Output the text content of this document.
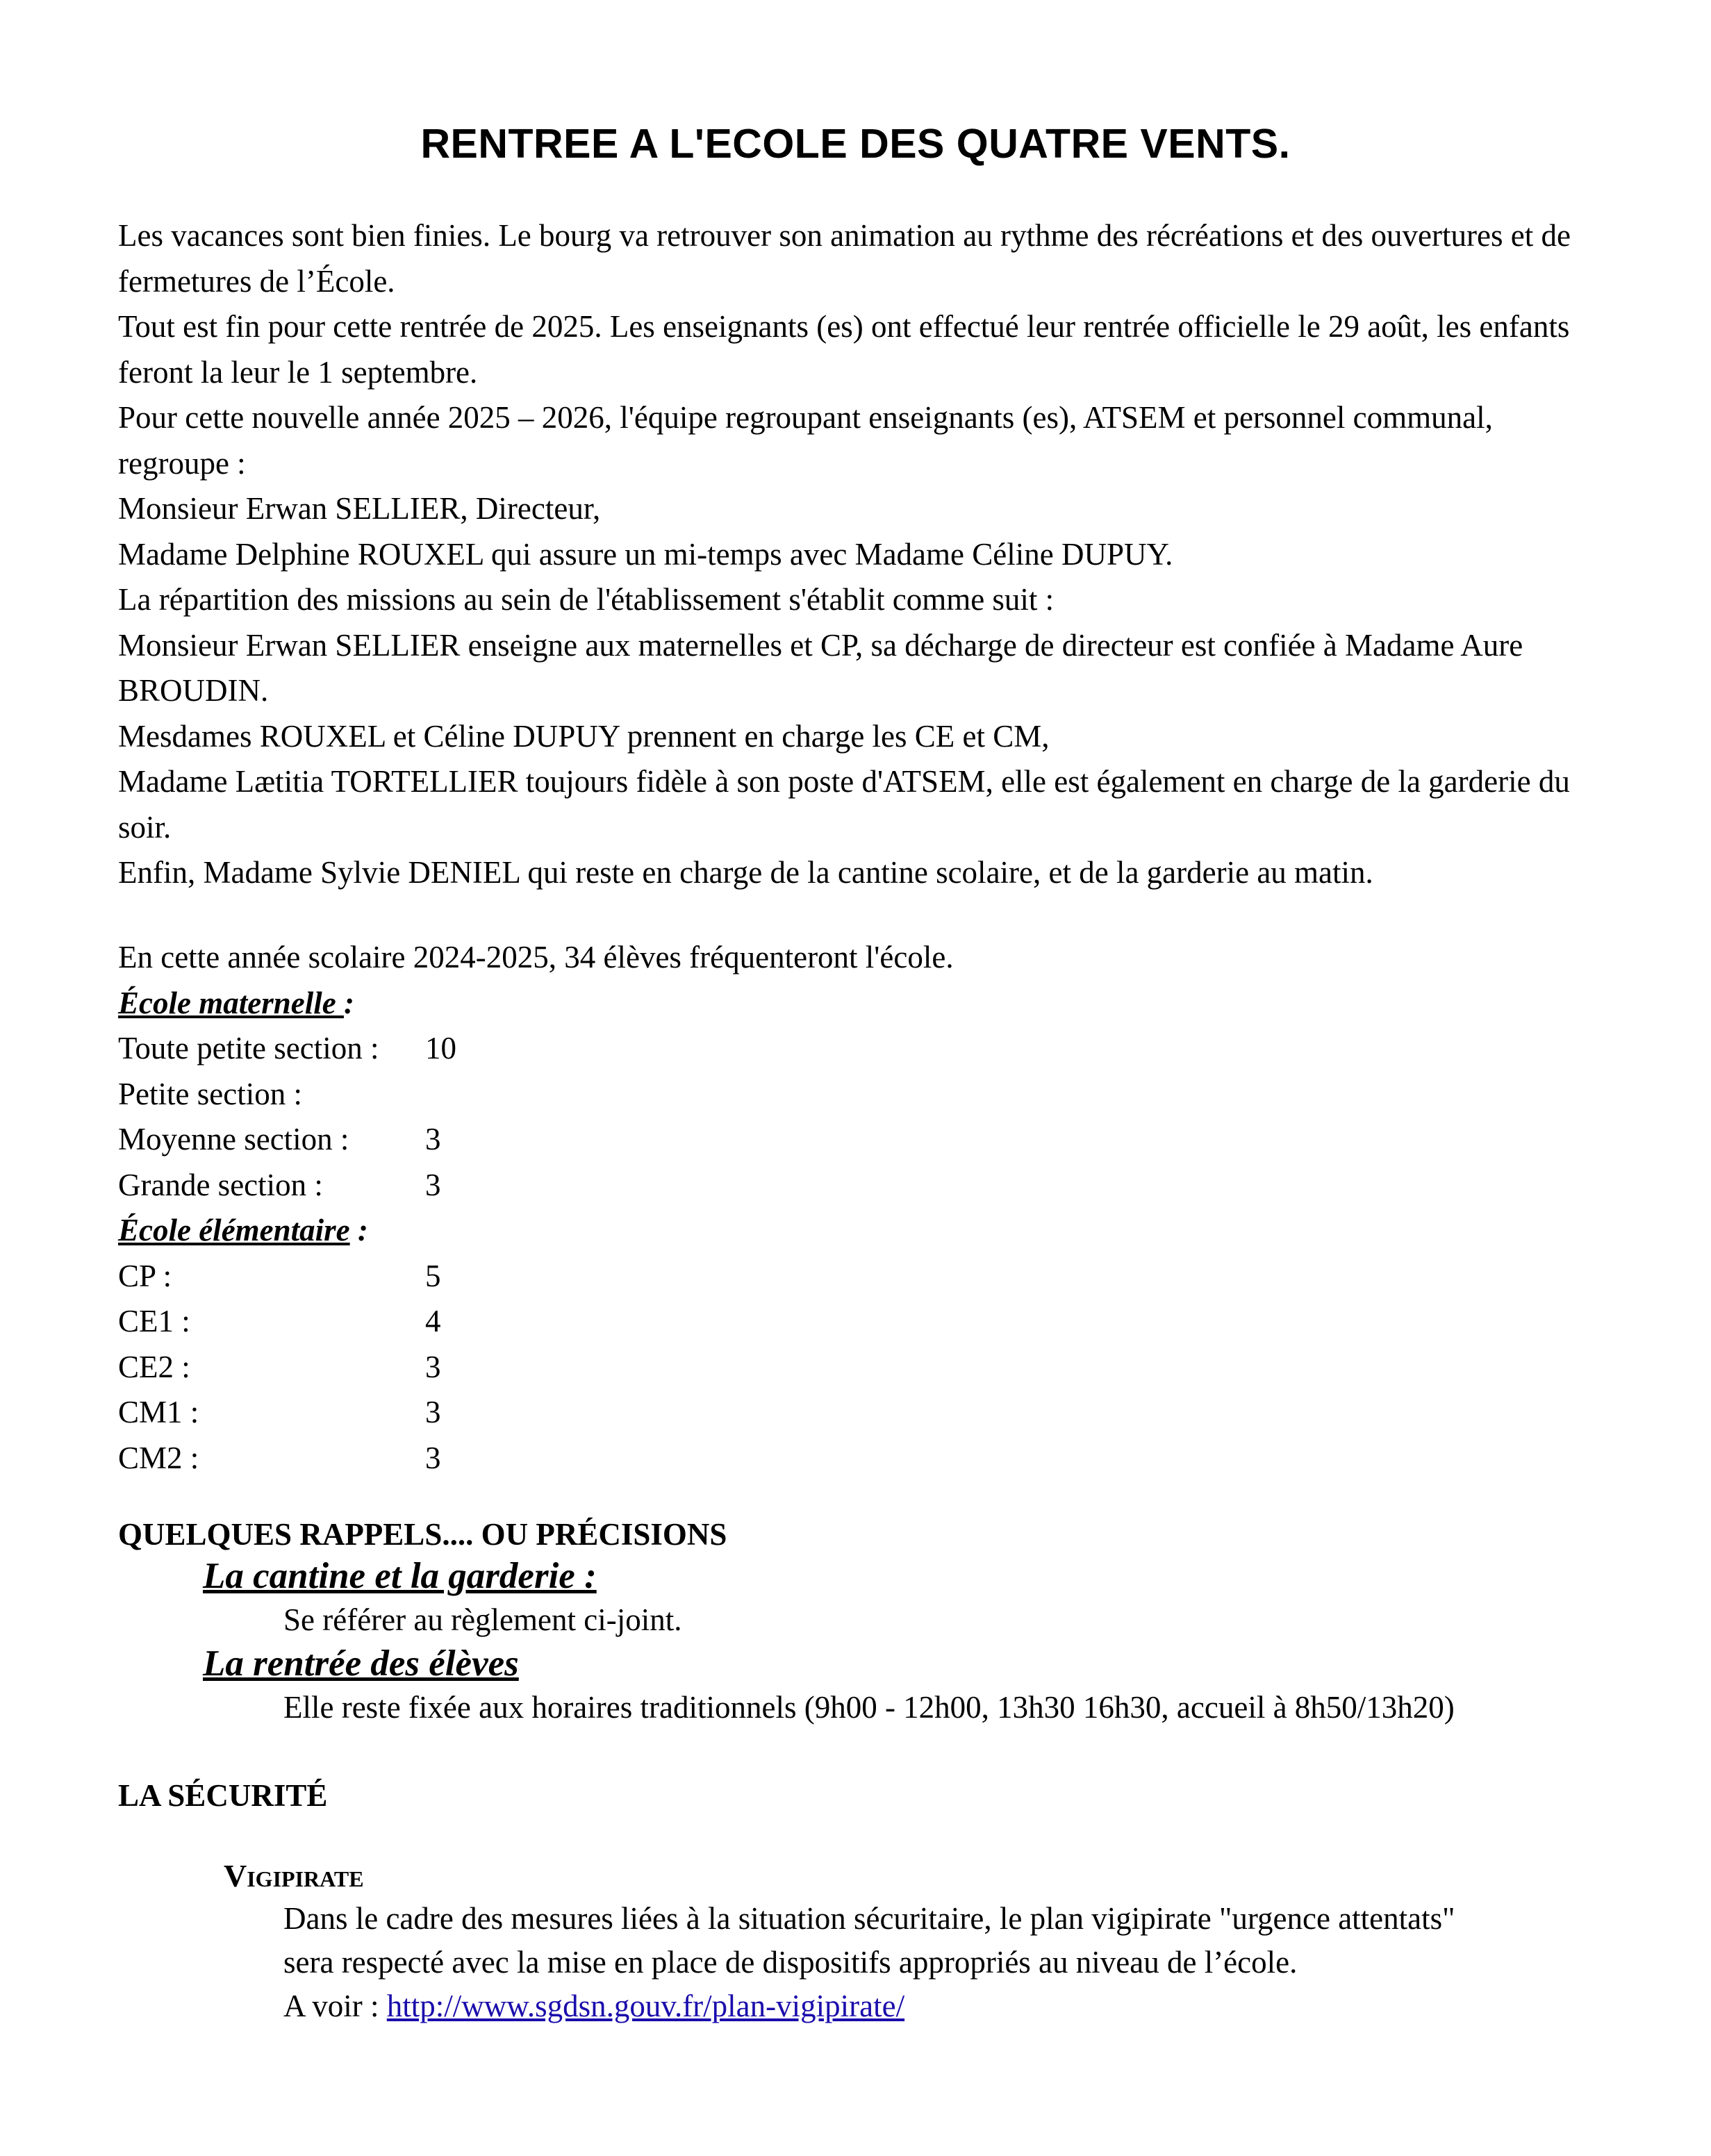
RENTREE A L'ECOLE DES QUATRE VENTS.

Les vacances sont bien finies. Le bourg va retrouver son animation au rythme des récréations et des ouvertures et de fermetures de l’École.

Tout est fin pour cette rentrée de 2025. Les enseignants (es) ont effectué leur rentrée officielle le 29 août, les enfants feront la leur le 1 septembre.

Pour cette nouvelle année 2025 – 2026, l'équipe regroupant enseignants (es), ATSEM et personnel communal, regroupe :

Monsieur Erwan SELLIER, Directeur,

Madame Delphine ROUXEL qui assure un mi-temps avec Madame Céline DUPUY.

La répartition des missions au sein de l'établissement s'établit comme suit :

Monsieur Erwan SELLIER enseigne aux maternelles et CP, sa décharge de directeur est confiée à Madame Aure BROUDIN.

Mesdames ROUXEL et Céline DUPUY prennent en charge les CE et CM,

Madame Lætitia TORTELLIER toujours fidèle à son poste d'ATSEM, elle est également en charge de la garderie du soir.

Enfin, Madame Sylvie DENIEL qui reste en charge de la cantine scolaire, et de la garderie au matin.

En cette année scolaire 2024-2025, 34 élèves fréquenteront l'école.
École maternelle :
Toute petite section : 10
Petite section :
Moyenne section : 3
Grande section :	3
École élémentaire :
CP :	5
CE1 :	4
CE2 :	3
CM1 :	3
CM2 :	3
QUELQUES RAPPELS.... OU PRÉCISIONS
La cantine et la garderie :
Se référer au règlement ci-joint.
La rentrée des élèves
Elle reste fixée aux horaires traditionnels (9h00 - 12h00, 13h30 16h30, accueil à 8h50/13h20)
LA SÉCURITÉ
Vigipirate
Dans le cadre des mesures liées à la situation sécuritaire, le plan vigipirate "urgence attentats"
sera respecté avec la mise en place de dispositifs appropriés au niveau de l’école.
A voir : http://www.sgdsn.gouv.fr/plan-vigipirate/
